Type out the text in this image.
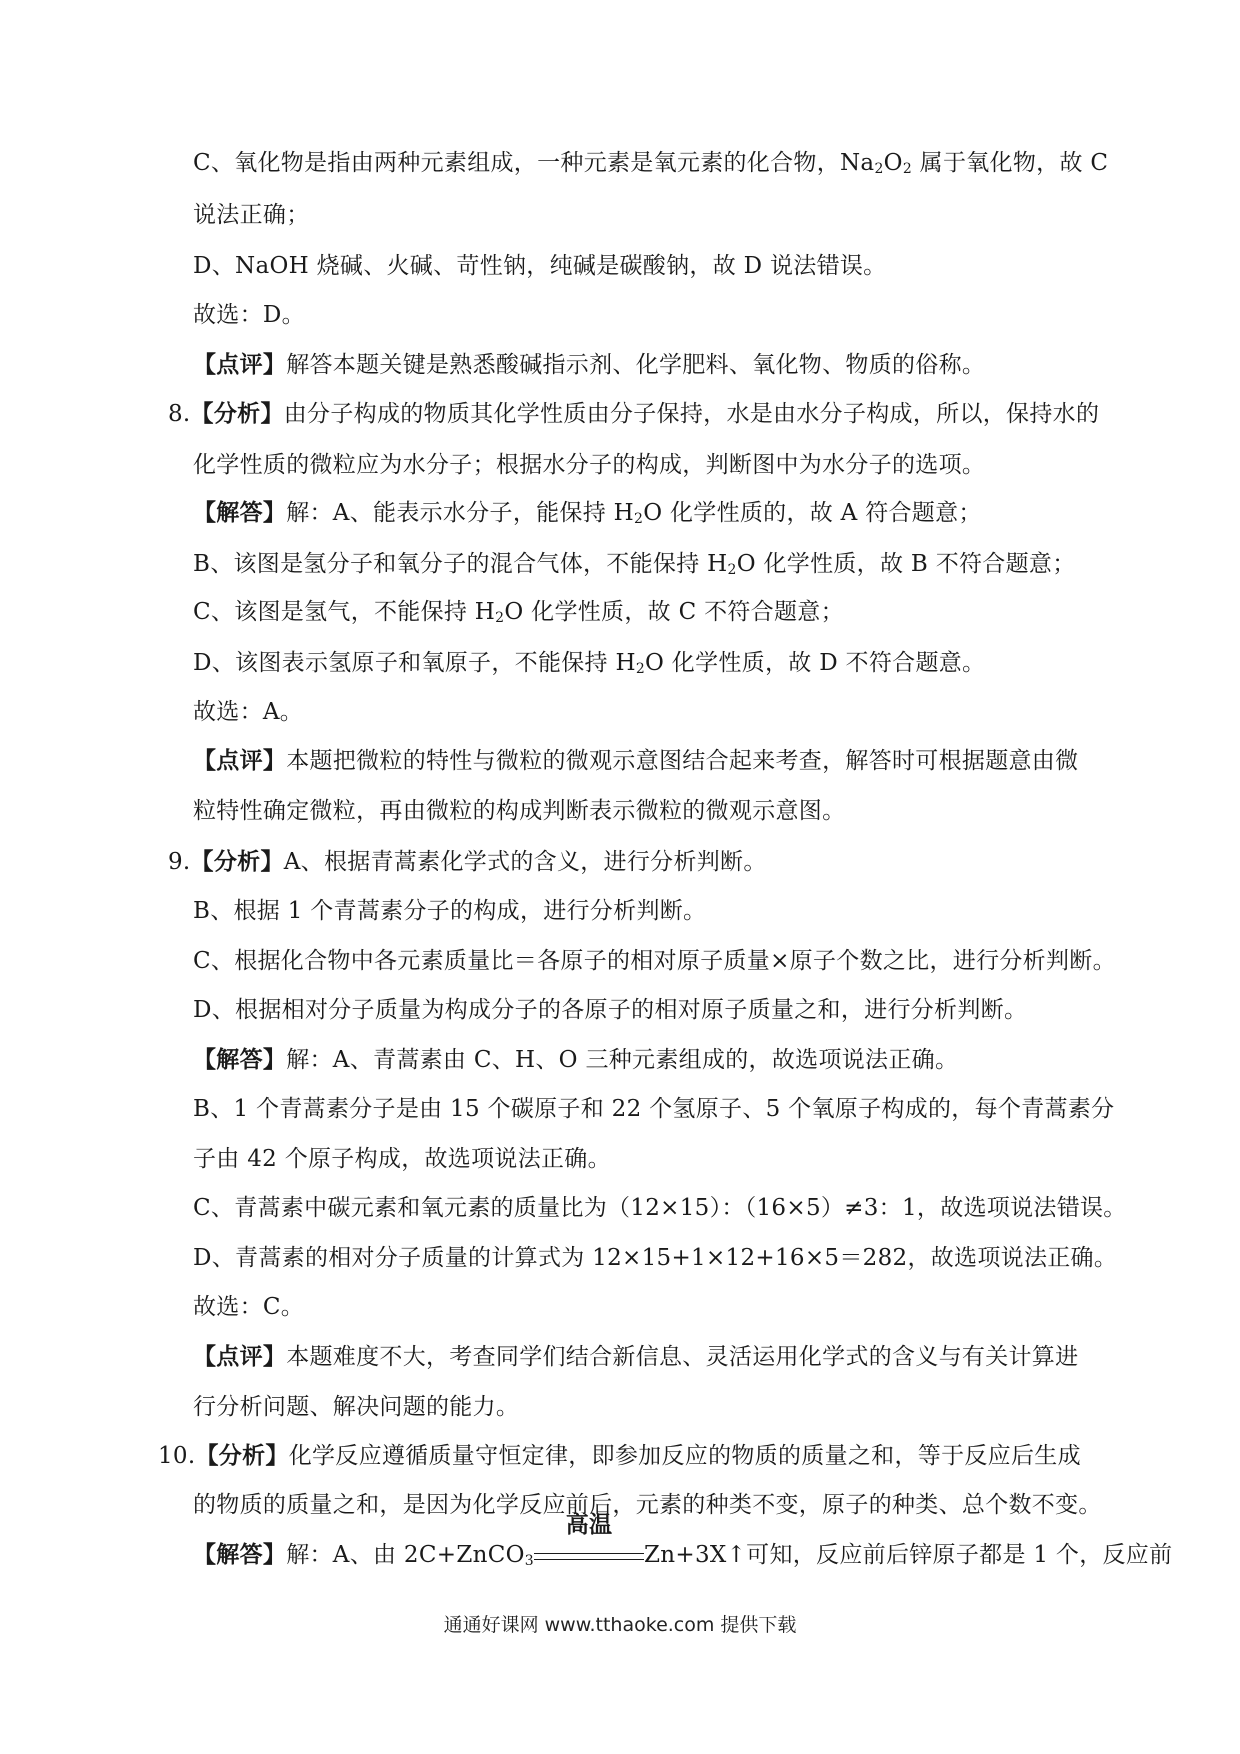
C、氧化物是指由两种元素组成，一种元素是氧元素的化合物，$Na_2O_2$ 属于氧化物，故 C
说法正确；
D、NaOH 烧碱、火碱、苛性钠，纯碱是碳酸钠，故 D 说法错误。
故选：D。
【点评】解答本题关键是熟悉酸碱指示剂、化学肥料、氧化物、物质的俗称。
8.【分析】由分子构成的物质其化学性质由分子保持，水是由水分子构成，所以，保持水的
化学性质的微粒应为水分子；根据水分子的构成，判断图中为水分子的选项。
【解答】解：A、能表示水分子，能保持 $H_2O$ 化学性质的，故 A 符合题意；
B、该图是氢分子和氧分子的混合气体，不能保持 $H_2O$ 化学性质，故 B 不符合题意；
C、该图是氢气，不能保持 $H_2O$ 化学性质，故 C 不符合题意；
D、该图表示氢原子和氧原子，不能保持 $H_2O$ 化学性质，故 D 不符合题意。
故选：A。
【点评】本题把微粒的特性与微粒的微观示意图结合起来考查，解答时可根据题意由微
粒特性确定微粒，再由微粒的构成判断表示微粒的微观示意图。
9.【分析】A、根据青蒿素化学式的含义，进行分析判断。
B、根据 1 个青蒿素分子的构成，进行分析判断。
C、根据化合物中各元素质量比＝各原子的相对原子质量×原子个数之比，进行分析判断。
D、根据相对分子质量为构成分子的各原子的相对原子质量之和，进行分析判断。
【解答】解：A、青蒿素由 C、H、O 三种元素组成的，故选项说法正确。
B、1 个青蒿素分子是由 15 个碳原子和 22 个氢原子、5 个氧原子构成的，每个青蒿素分
子由 42 个原子构成，故选项说法正确。
C、青蒿素中碳元素和氧元素的质量比为（12×15）：（16×5）≠3：1，故选项说法错误。
D、青蒿素的相对分子质量的计算式为 12×15+1×12+16×5＝282，故选项说法正确。
故选：C。
【点评】本题难度不大，考查同学们结合新信息、灵活运用化学式的含义与有关计算进
行分析问题、解决问题的能力。
10.【分析】化学反应遵循质量守恒定律，即参加反应的物质的质量之和，等于反应后生成
的物质的质量之和，是因为化学反应前后，元素的种类不变，原子的种类、总个数不变。
【解答】解：A、由 2C+ZnCO$_3$
高温
Zn+3X↑可知，反应前后锌原子都是 1 个，反应前
通通好课网 www.tthaoke.com 提供下载
